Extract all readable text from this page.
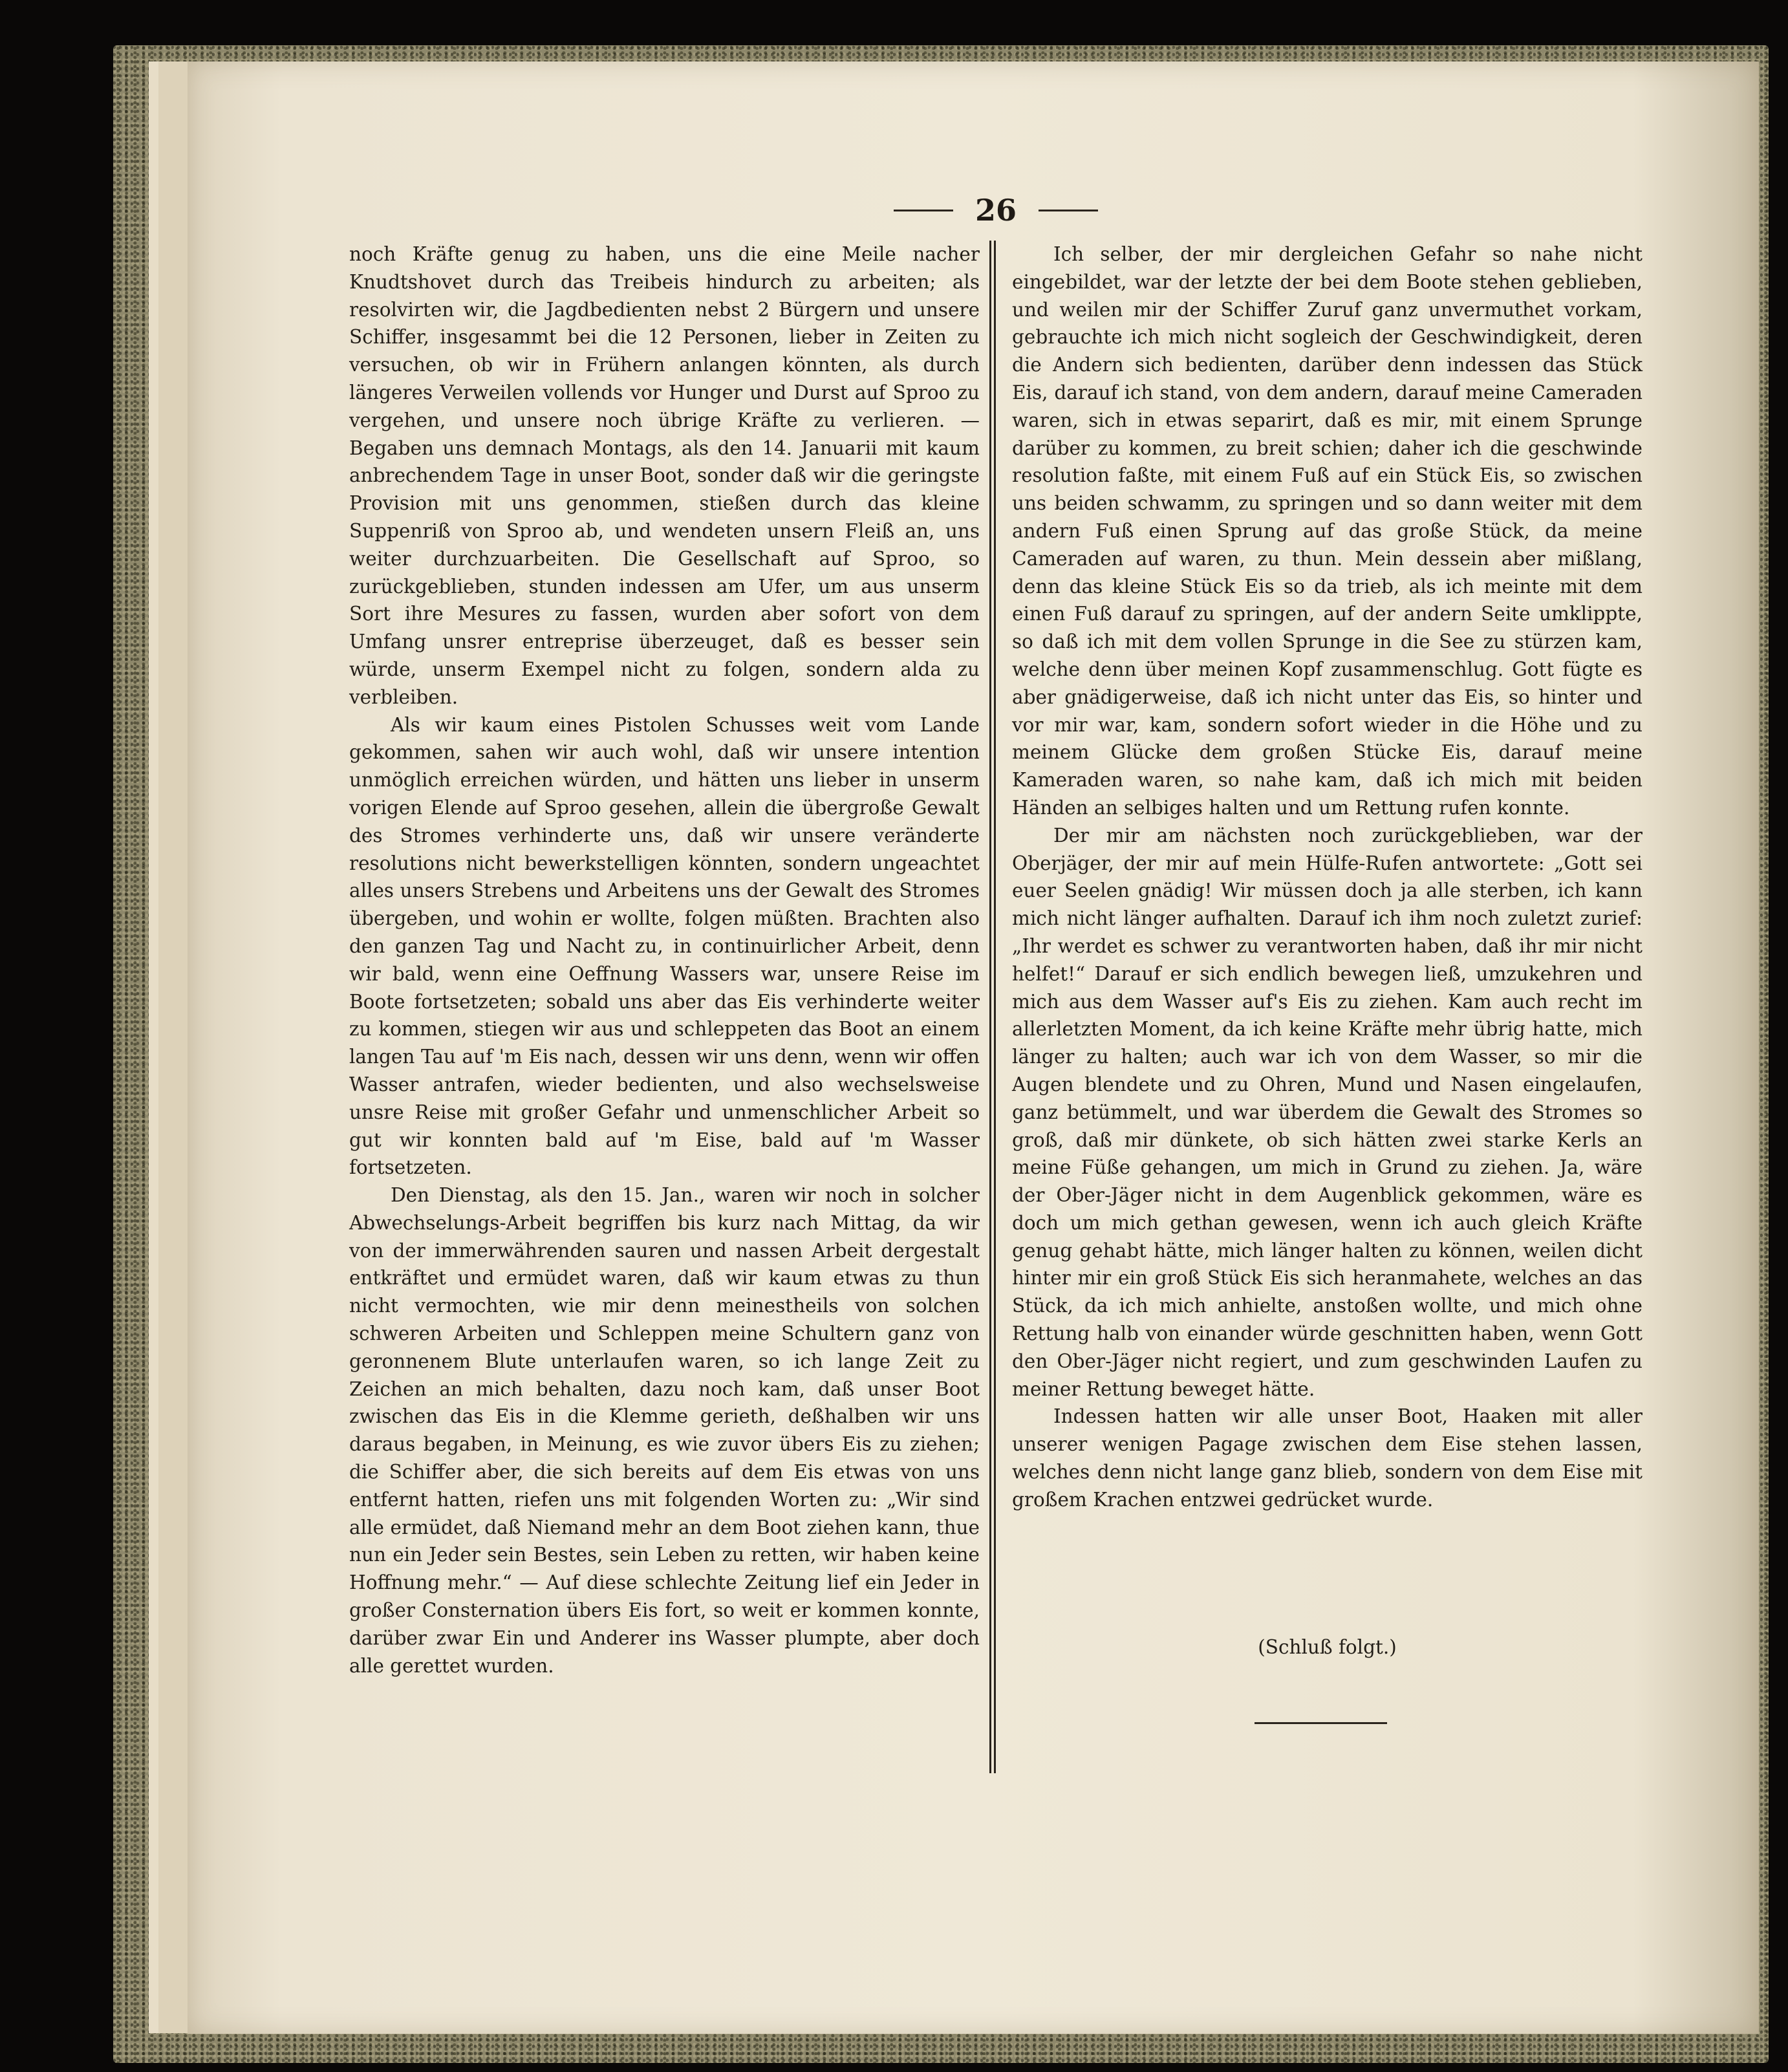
26

noch Kräfte genug zu haben, uns die eine Meile nacher Knudtshovet durch das Treibeis hindurch zu arbeiten; als resolvirten wir, die Jagdbedienten nebst 2 Bürgern und unsere Schiffer, insgesammt bei die 12 Personen, lieber in Zeiten zu versuchen, ob wir in Frühern anlangen könnten, als durch längeres Verweilen vollends vor Hunger und Durst auf Sproo zu vergehen, und unsere noch übrige Kräfte zu verlieren. — Begaben uns demnach Montags, als den 14. Januarii mit kaum anbrechendem Tage in unser Boot, sonder daß wir die geringste Provision mit uns genommen, stießen durch das kleine Suppenriß von Sproo ab, und wendeten unsern Fleiß an, uns weiter durchzuarbeiten. Die Gesellschaft auf Sproo, so zurückgeblieben, stunden indessen am Ufer, um aus unserm Sort ihre Mesures zu fassen, wurden aber sofort von dem Umfang unsrer entreprise überzeuget, daß es besser sein würde, unserm Exempel nicht zu folgen, sondern alda zu verbleiben.

Als wir kaum eines Pistolen Schusses weit vom Lande gekommen, sahen wir auch wohl, daß wir unsere intention unmöglich erreichen würden, und hätten uns lieber in unserm vorigen Elende auf Sproo gesehen, allein die übergroße Gewalt des Stromes verhinderte uns, daß wir unsere veränderte resolutions nicht bewerkstelligen könnten, sondern ungeachtet alles unsers Strebens und Arbeitens uns der Gewalt des Stromes übergeben, und wohin er wollte, folgen müßten. Brachten also den ganzen Tag und Nacht zu, in continuirlicher Arbeit, denn wir bald, wenn eine Oeffnung Wassers war, unsere Reise im Boote fortsetzeten; sobald uns aber das Eis verhinderte weiter zu kommen, stiegen wir aus und schleppeten das Boot an einem langen Tau auf 'm Eis nach, dessen wir uns denn, wenn wir offen Wasser antrafen, wieder bedienten, und also wechselsweise unsre Reise mit großer Gefahr und unmenschlicher Arbeit so gut wir konnten bald auf 'm Eise, bald auf 'm Wasser fortsetzeten.

Den Dienstag, als den 15. Jan., waren wir noch in solcher Abwechselungs-Arbeit begriffen bis kurz nach Mittag, da wir von der immerwährenden sauren und nassen Arbeit dergestalt entkräftet und ermüdet waren, daß wir kaum etwas zu thun nicht vermochten, wie mir denn meinestheils von solchen schweren Arbeiten und Schleppen meine Schultern ganz von geronnenem Blute unterlaufen waren, so ich lange Zeit zu Zeichen an mich behalten, dazu noch kam, daß unser Boot zwischen das Eis in die Klemme gerieth, deßhalben wir uns daraus begaben, in Meinung, es wie zuvor übers Eis zu ziehen; die Schiffer aber, die sich bereits auf dem Eis etwas von uns entfernt hatten, riefen uns mit folgenden Worten zu: „Wir sind alle ermüdet, daß Niemand mehr an dem Boot ziehen kann, thue nun ein Jeder sein Bestes, sein Leben zu retten, wir haben keine Hoffnung mehr.“ — Auf diese schlechte Zeitung lief ein Jeder in großer Consternation übers Eis fort, so weit er kommen konnte, darüber zwar Ein und Anderer ins Wasser plumpte, aber doch alle gerettet wurden.

Ich selber, der mir dergleichen Gefahr so nahe nicht eingebildet, war der letzte der bei dem Boote stehen geblieben, und weilen mir der Schiffer Zuruf ganz unvermuthet vorkam, gebrauchte ich mich nicht sogleich der Geschwindigkeit, deren die Andern sich bedienten, darüber denn indessen das Stück Eis, darauf ich stand, von dem andern, darauf meine Cameraden waren, sich in etwas separirt, daß es mir, mit einem Sprunge darüber zu kommen, zu breit schien; daher ich die geschwinde resolution faßte, mit einem Fuß auf ein Stück Eis, so zwischen uns beiden schwamm, zu springen und so dann weiter mit dem andern Fuß einen Sprung auf das große Stück, da meine Cameraden auf waren, zu thun. Mein dessein aber mißlang, denn das kleine Stück Eis so da trieb, als ich meinte mit dem einen Fuß darauf zu springen, auf der andern Seite umklippte, so daß ich mit dem vollen Sprunge in die See zu stürzen kam, welche denn über meinen Kopf zusammenschlug. Gott fügte es aber gnädigerweise, daß ich nicht unter das Eis, so hinter und vor mir war, kam, sondern sofort wieder in die Höhe und zu meinem Glücke dem großen Stücke Eis, darauf meine Kameraden waren, so nahe kam, daß ich mich mit beiden Händen an selbiges halten und um Rettung rufen konnte.

Der mir am nächsten noch zurückgeblieben, war der Oberjäger, der mir auf mein Hülfe-Rufen antwortete: „Gott sei euer Seelen gnädig! Wir müssen doch ja alle sterben, ich kann mich nicht länger aufhalten. Darauf ich ihm noch zuletzt zurief: „Ihr werdet es schwer zu verantworten haben, daß ihr mir nicht helfet!“ Darauf er sich endlich bewegen ließ, umzukehren und mich aus dem Wasser auf's Eis zu ziehen. Kam auch recht im allerletzten Moment, da ich keine Kräfte mehr übrig hatte, mich länger zu halten; auch war ich von dem Wasser, so mir die Augen blendete und zu Ohren, Mund und Nasen eingelaufen, ganz betümmelt, und war überdem die Gewalt des Stromes so groß, daß mir dünkete, ob sich hätten zwei starke Kerls an meine Füße gehangen, um mich in Grund zu ziehen. Ja, wäre der Ober-Jäger nicht in dem Augenblick gekommen, wäre es doch um mich gethan gewesen, wenn ich auch gleich Kräfte genug gehabt hätte, mich länger halten zu können, weilen dicht hinter mir ein groß Stück Eis sich heranmahete, welches an das Stück, da ich mich anhielte, anstoßen wollte, und mich ohne Rettung halb von einander würde geschnitten haben, wenn Gott den Ober-Jäger nicht regiert, und zum geschwinden Laufen zu meiner Rettung beweget hätte.

Indessen hatten wir alle unser Boot, Haaken mit aller unserer wenigen Pagage zwischen dem Eise stehen lassen, welches denn nicht lange ganz blieb, sondern von dem Eise mit großem Krachen entzwei gedrücket wurde.

(Schluß folgt.)
